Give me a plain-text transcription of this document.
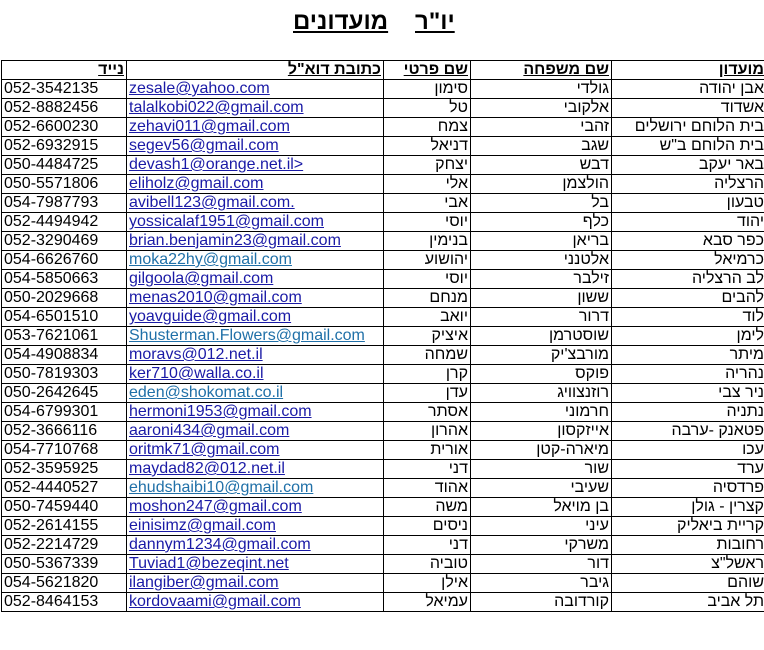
יו"ר
מועדונים
נייד	כתובת דוא"ל	שם פרטי	שם משפחה	מועדון
052-3542135	zesale@yahoo.com	סימון	גולדי	אבן יהודה
052-8882456	talalkobi022@gmail.com	טל	אלקובי	אשדוד
052-6600230	zehavi011@gmail.com	צמח	זהבי	בית הלוחם ירושלים
052-6932915	segev56@gmail.com	דניאל	שגב	בית הלוחם ב"ש
050-4484725	devash1@orange.net.il>	יצחק	דבש	באר יעקב
050-5571806	eliholz@gmail.com	אלי	הולצמן	הרצליה
054-7987793	avibell123@gmail.com.	אבי	בל	טבעון
052-4494942	yossicalaf1951@gmail.com	יוסי	כלף	יהוד
052-3290469	brian.benjamin23@gmail.com	בנימין	בריאן	כפר סבא
054-6626760	moka22hy@gmail.com	יהושוע	אלטנני	כרמיאל
054-5850663	gilgoola@gmail.com	יוסי	זילבר	לב הרצליה
050-2029668	menas2010@gmail.com	מנחם	ששון	להבים
054-6501510	yoavguide@gmail.com	יואב	דרור	לוד
053-7621061	Shusterman.Flowers@gmail.com	איציק	שוסטרמן	לימן
054-4908834	moravs@012.net.il	שמחה	מורבצ'יק	מיתר
050-7819303	ker710@walla.co.il	קרן	פוקס	נהריה
050-2642645	eden@shokomat.co.il	עדן	רוזנצוויג	ניר צבי
054-6799301	hermoni1953@gmail.com	אסתר	חרמוני	נתניה
052-3666116	aaroni434@gmail.com	אהרון	אייזקסון	פטאנק -ערבה
054-7710768	oritmk71@gmail.com	אורית	מיארה-קטן	עכו
052-3595925	maydad82@012.net.il	דני	שור	ערד
052-4440527	ehudshaibi10@gmail.com	אהוד	שעיבי	פרדסיה
050-7459440	moshon247@gmail.com	משה	בן מויאל	קצרין - גולן
052-2614155	einisimz@gmail.com	ניסים	עיני	קריית ביאליק
052-2214729	dannym1234@gmail.com	דני	משרקי	רחובות
050-5367339	Tuviad1@bezeqint.net	טוביה	דור	ראשל"צ
054-5621820	ilangiber@gmail.com	אילן	גיבר	שוהם
052-8464153	kordovaami@gmail.com	עמיאל	קורדובה	תל אביב
